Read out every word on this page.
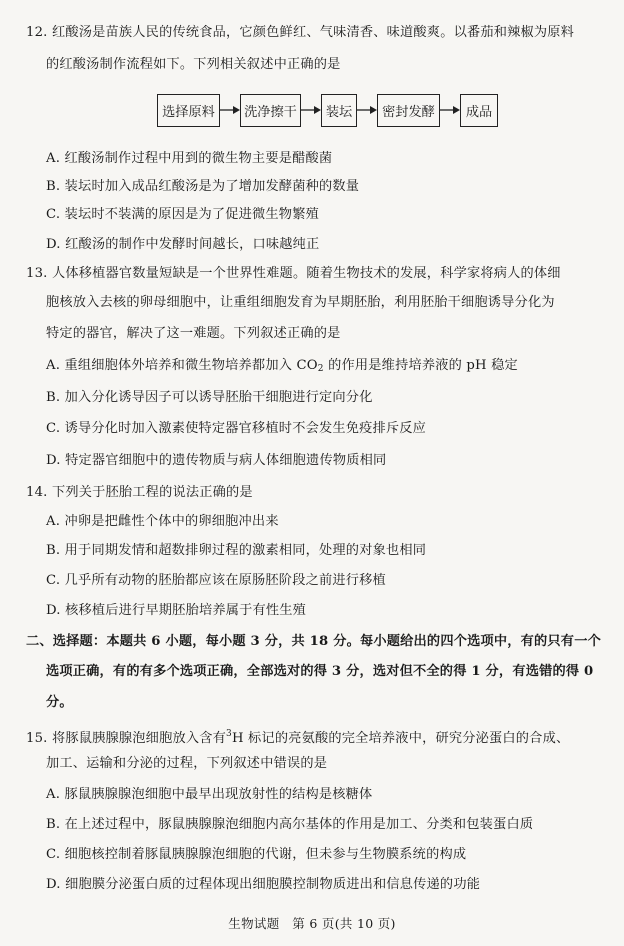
12. 红酸汤是苗族人民的传统食品，它颜色鲜红、气味清香、味道酸爽。以番茄和辣椒为原料
的红酸汤制作流程如下。下列相关叙述中正确的是
选择原料	洗净擦干	装坛	密封发酵	成品
A. 红酸汤制作过程中用到的微生物主要是醋酸菌
B. 装坛时加入成品红酸汤是为了增加发酵菌种的数量
C. 装坛时不装满的原因是为了促进微生物繁殖
D. 红酸汤的制作中发酵时间越长，口味越纯正
13. 人体移植器官数量短缺是一个世界性难题。随着生物技术的发展，科学家将病人的体细
胞核放入去核的卵母细胞中，让重组细胞发育为早期胚胎，利用胚胎干细胞诱导分化为
特定的器官，解决了这一难题。下列叙述正确的是
A. 重组细胞体外培养和微生物培养都加入 $CO_2$ 的作用是维持培养液的 pH 稳定
B. 加入分化诱导因子可以诱导胚胎干细胞进行定向分化
C. 诱导分化时加入激素使特定器官移植时不会发生免疫排斥反应
D. 特定器官细胞中的遗传物质与病人体细胞遗传物质相同
14. 下列关于胚胎工程的说法正确的是
A. 冲卵是把雌性个体中的卵细胞冲出来
B. 用于同期发情和超数排卵过程的激素相同，处理的对象也相同
C. 几乎所有动物的胚胎都应该在原肠胚阶段之前进行移植
D. 核移植后进行早期胚胎培养属于有性生殖
二、选择题：本题共 6 小题，每小题 3 分，共 18 分。每小题给出的四个选项中，有的只有一个
选项正确，有的有多个选项正确，全部选对的得 3 分，选对但不全的得 1 分，有选错的得 0
分。
15. 将豚鼠胰腺腺泡细胞放入含有$^3$H 标记的亮氨酸的完全培养液中，研究分泌蛋白的合成、
加工、运输和分泌的过程，下列叙述中错误的是
A. 豚鼠胰腺腺泡细胞中最早出现放射性的结构是核糖体
B. 在上述过程中，豚鼠胰腺腺泡细胞内高尔基体的作用是加工、分类和包装蛋白质
C. 细胞核控制着豚鼠胰腺腺泡细胞的代谢，但未参与生物膜系统的构成
D. 细胞膜分泌蛋白质的过程体现出细胞膜控制物质进出和信息传递的功能
生物试题　第 6 页(共 10 页)
